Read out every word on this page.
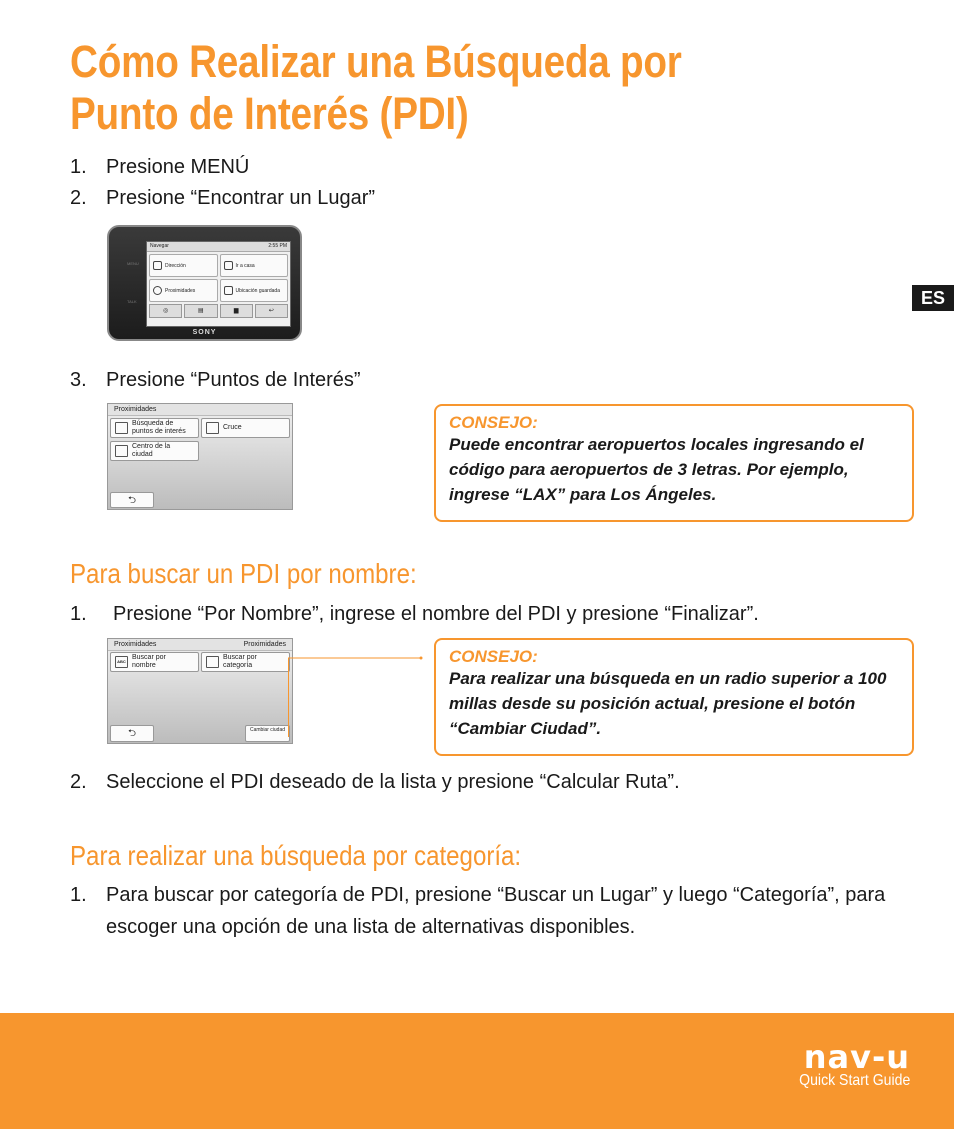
Cómo Realizar una Búsqueda por
Punto de Interés (PDI)
ES
1. Presione MENÚ
2. Presione “Encontrar un Lugar”
MENU
TALK
Navegar	2:55 PM
Dirección	Ir a casa
Proximidades	Ubicación guardada
◎	▤	▆	↩
SONY
3. Presione “Puntos de Interés”
Proximidades
Búsqueda de puntos de interés
Cruce
Centro de la ciudad
⮌
CONSEJO:
Puede encontrar aeropuertos locales ingresando el código para aeropuertos de 3 letras. Por ejemplo, ingrese “LAX” para Los Ángeles.
Para buscar un PDI por nombre:
1. Presione “Por Nombre”, ingrese el nombre del PDI y presione “Finalizar”.
Proximidades	Proximidades
ABC
Buscar por nombre
Buscar por categoría
⮌	Cambiar ciudad
CONSEJO:
Para realizar una búsqueda en un radio superior a 100 millas desde su posición actual, presione el botón “Cambiar Ciudad”.
2. Seleccione el PDI deseado de la lista y presione “Calcular Ruta”.
Para realizar una búsqueda por categoría:
1. Para buscar por categoría de PDI, presione “Buscar un Lugar” y luego “Categoría”, para escoger una opción de una lista de alternativas disponibles.
nav-u
Quick Start Guide
